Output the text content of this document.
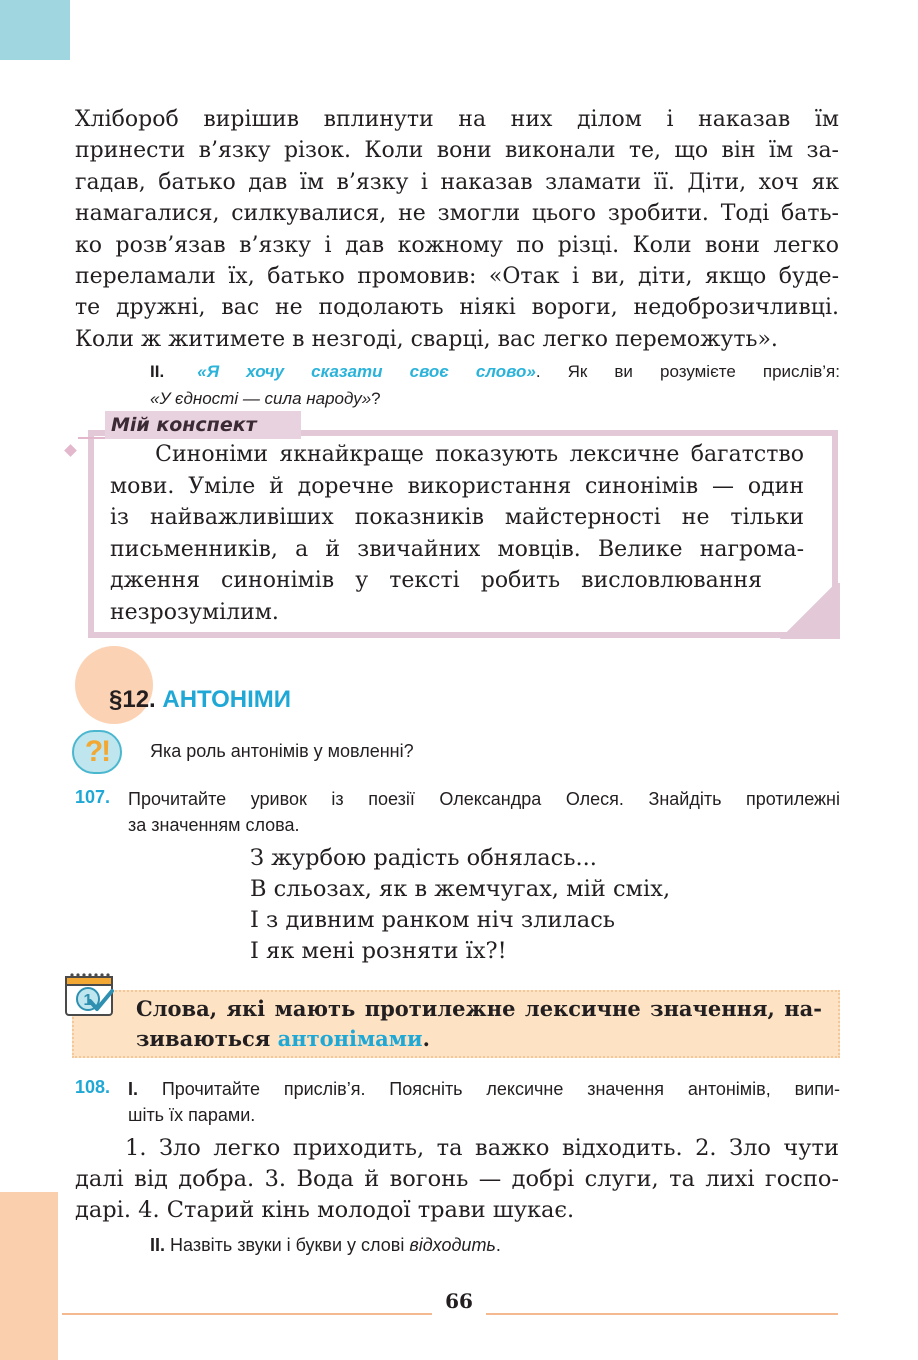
Хлібороб вирішив вплинути на них ділом і наказав їм
принести в’язку різок. Коли вони виконали те, що він їм за-
гадав, батько дав їм в’язку і наказав зламати її. Діти, хоч як
намагалися, силкувалися, не змогли цього зробити. Тоді бать-
ко розв’язав в’язку і дав кожному по різці. Коли вони легко
переламали їх, батько промовив: «Отак і ви, діти, якщо буде-
те дружні, вас не подолають ніякі вороги, недоброзичливці.
Коли ж житимете в незгоді, сварці, вас легко переможуть».
II. «Я хочу сказати своє слово». Як ви розумієте прислів’я:
«У єдності — сила народу»?
Мій конспект
Синоніми якнайкраще показують лексичне багатство
мови. Уміле й доречне використання синонімів — один
із найважливіших показників майстерності не тільки
письменників, а й звичайних мовців. Велике нагрома-
дження синонімів у тексті робить висловлювання
незрозумілим.
§12. АНТОНІМИ
?!	Яка роль антонімів у мовленні?
107. Прочитайте уривок із поезії Олександра Олеся. Знайдіть протилежні
за значенням слова.
З журбою радість обнялась...
В сльозах, як в жемчугах, мій сміх,
І з дивним ранком ніч злилась
І як мені розняти їх?!
1 Слова, які мають протилежне лексичне значення, на-
зиваються антонімами.
108. I. Прочитайте прислів’я. Поясніть лексичне значення антонімів, випи-
шіть їх парами.
1. Зло легко приходить, та важко відходить. 2. Зло чути
далі від добра. 3. Вода й вогонь — добрі слуги, та лихі госпо-
дарі. 4. Старий кінь молодої трави шукає.
II. Назвіть звуки і букви у слові відходить.
66
